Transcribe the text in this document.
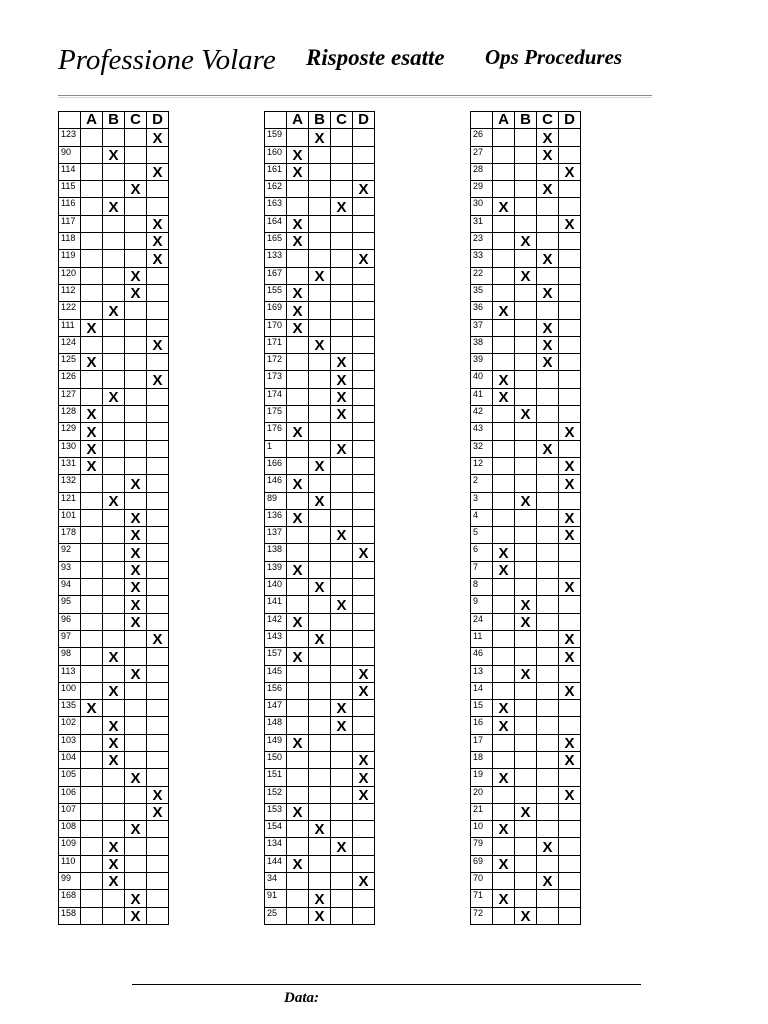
Professione Volare Risposte esatte Ops Procedures
	A	B	C	D
123				X
90		X		
114				X
115			X	
116		X		
117				X
118				X
119				X
120			X	
112			X	
122		X		
111	X			
124				X
125	X			
126				X
127		X		
128	X			
129	X			
130	X			
131	X			
132			X	
121		X		
101			X	
178			X	
92			X	
93			X	
94			X	
95			X	
96			X	
97				X
98		X		
113			X	
100		X		
135	X			
102		X		
103		X		
104		X		
105			X	
106				X
107				X
108			X	
109		X		
110		X		
99		X		
168			X	
158			X	
	A	B	C	D
159		X		
160	X			
161	X			
162				X
163			X	
164	X			
165	X			
133				X
167		X		
155	X			
169	X			
170	X			
171		X		
172			X	
173			X	
174			X	
175			X	
176	X			
1			X	
166		X		
146	X			
89		X		
136	X			
137			X	
138				X
139	X			
140		X		
141			X	
142	X			
143		X		
157	X			
145				X
156				X
147			X	
148			X	
149	X			
150				X
151				X
152				X
153	X			
154		X		
134			X	
144	X			
34				X
91		X		
25		X		
	A	B	C	D
26			X	
27			X	
28				X
29			X	
30	X			
31				X
23		X		
33			X	
22		X		
35			X	
36	X			
37			X	
38			X	
39			X	
40	X			
41	X			
42		X		
43				X
32			X	
12				X
2				X
3		X		
4				X
5				X
6	X			
7	X			
8				X
9		X		
24		X		
11				X
46				X
13		X		
14				X
15	X			
16	X			
17				X
18				X
19	X			
20				X
21		X		
10	X			
79			X	
69	X			
70			X	
71	X			
72		X		
Data:
